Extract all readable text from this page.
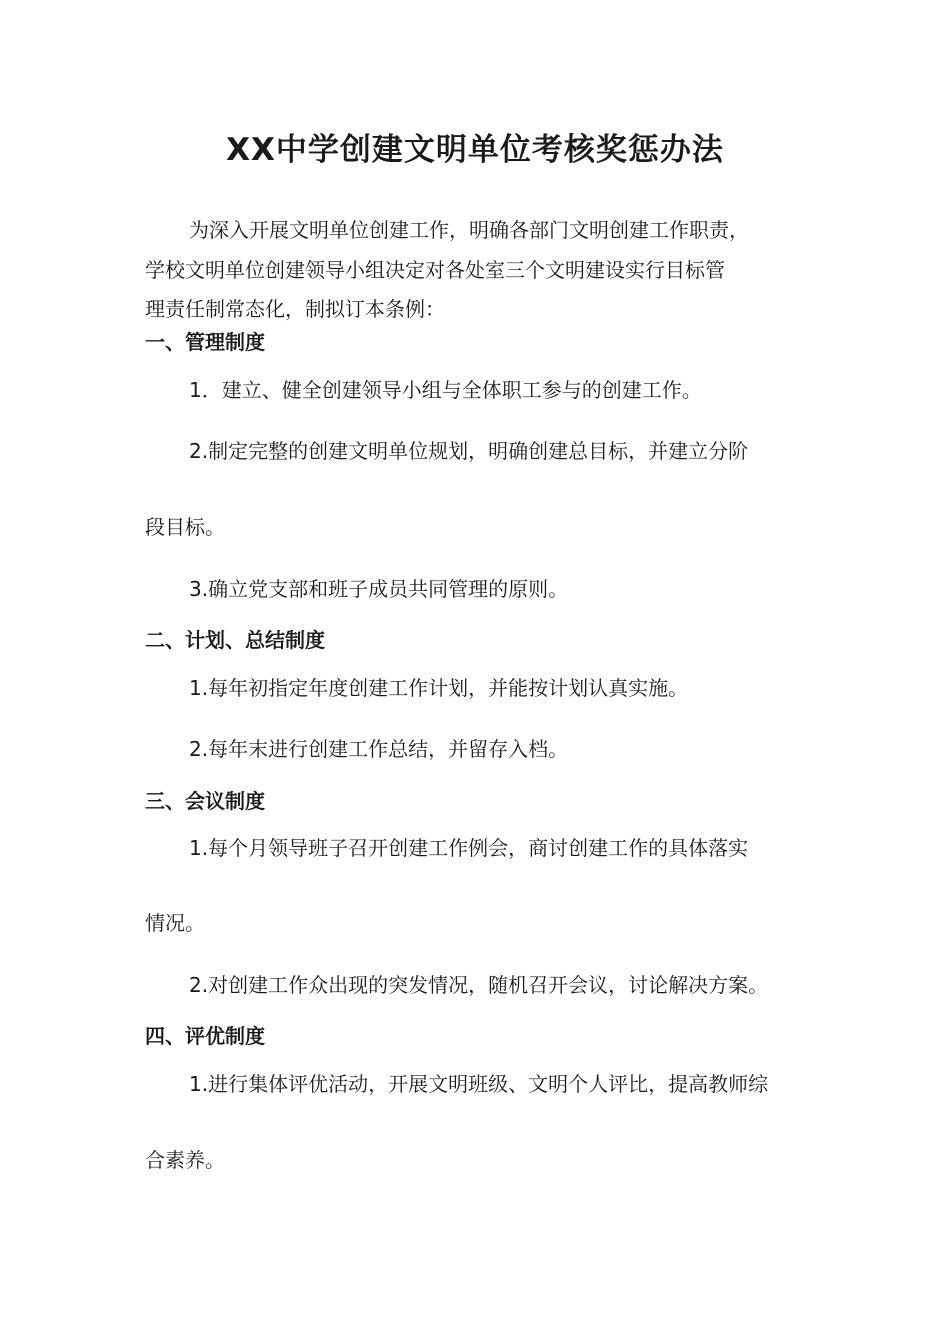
XX中学创建文明单位考核奖惩办法
为深入开展文明单位创建工作，明确各部门文明创建工作职责，
学校文明单位创建领导小组决定对各处室三个文明建设实行目标管
理责任制常态化，制拟订本条例：
一、管理制度
1．建立、健全创建领导小组与全体职工参与的创建工作。
2.制定完整的创建文明单位规划，明确创建总目标，并建立分阶
段目标。
3.确立党支部和班子成员共同管理的原则。
二、计划、总结制度
1.每年初指定年度创建工作计划，并能按计划认真实施。
2.每年末进行创建工作总结，并留存入档。
三、会议制度
1.每个月领导班子召开创建工作例会，商讨创建工作的具体落实
情况。
2.对创建工作众出现的突发情况，随机召开会议，讨论解决方案。
四、评优制度
1.进行集体评优活动，开展文明班级、文明个人评比，提高教师综
合素养。
